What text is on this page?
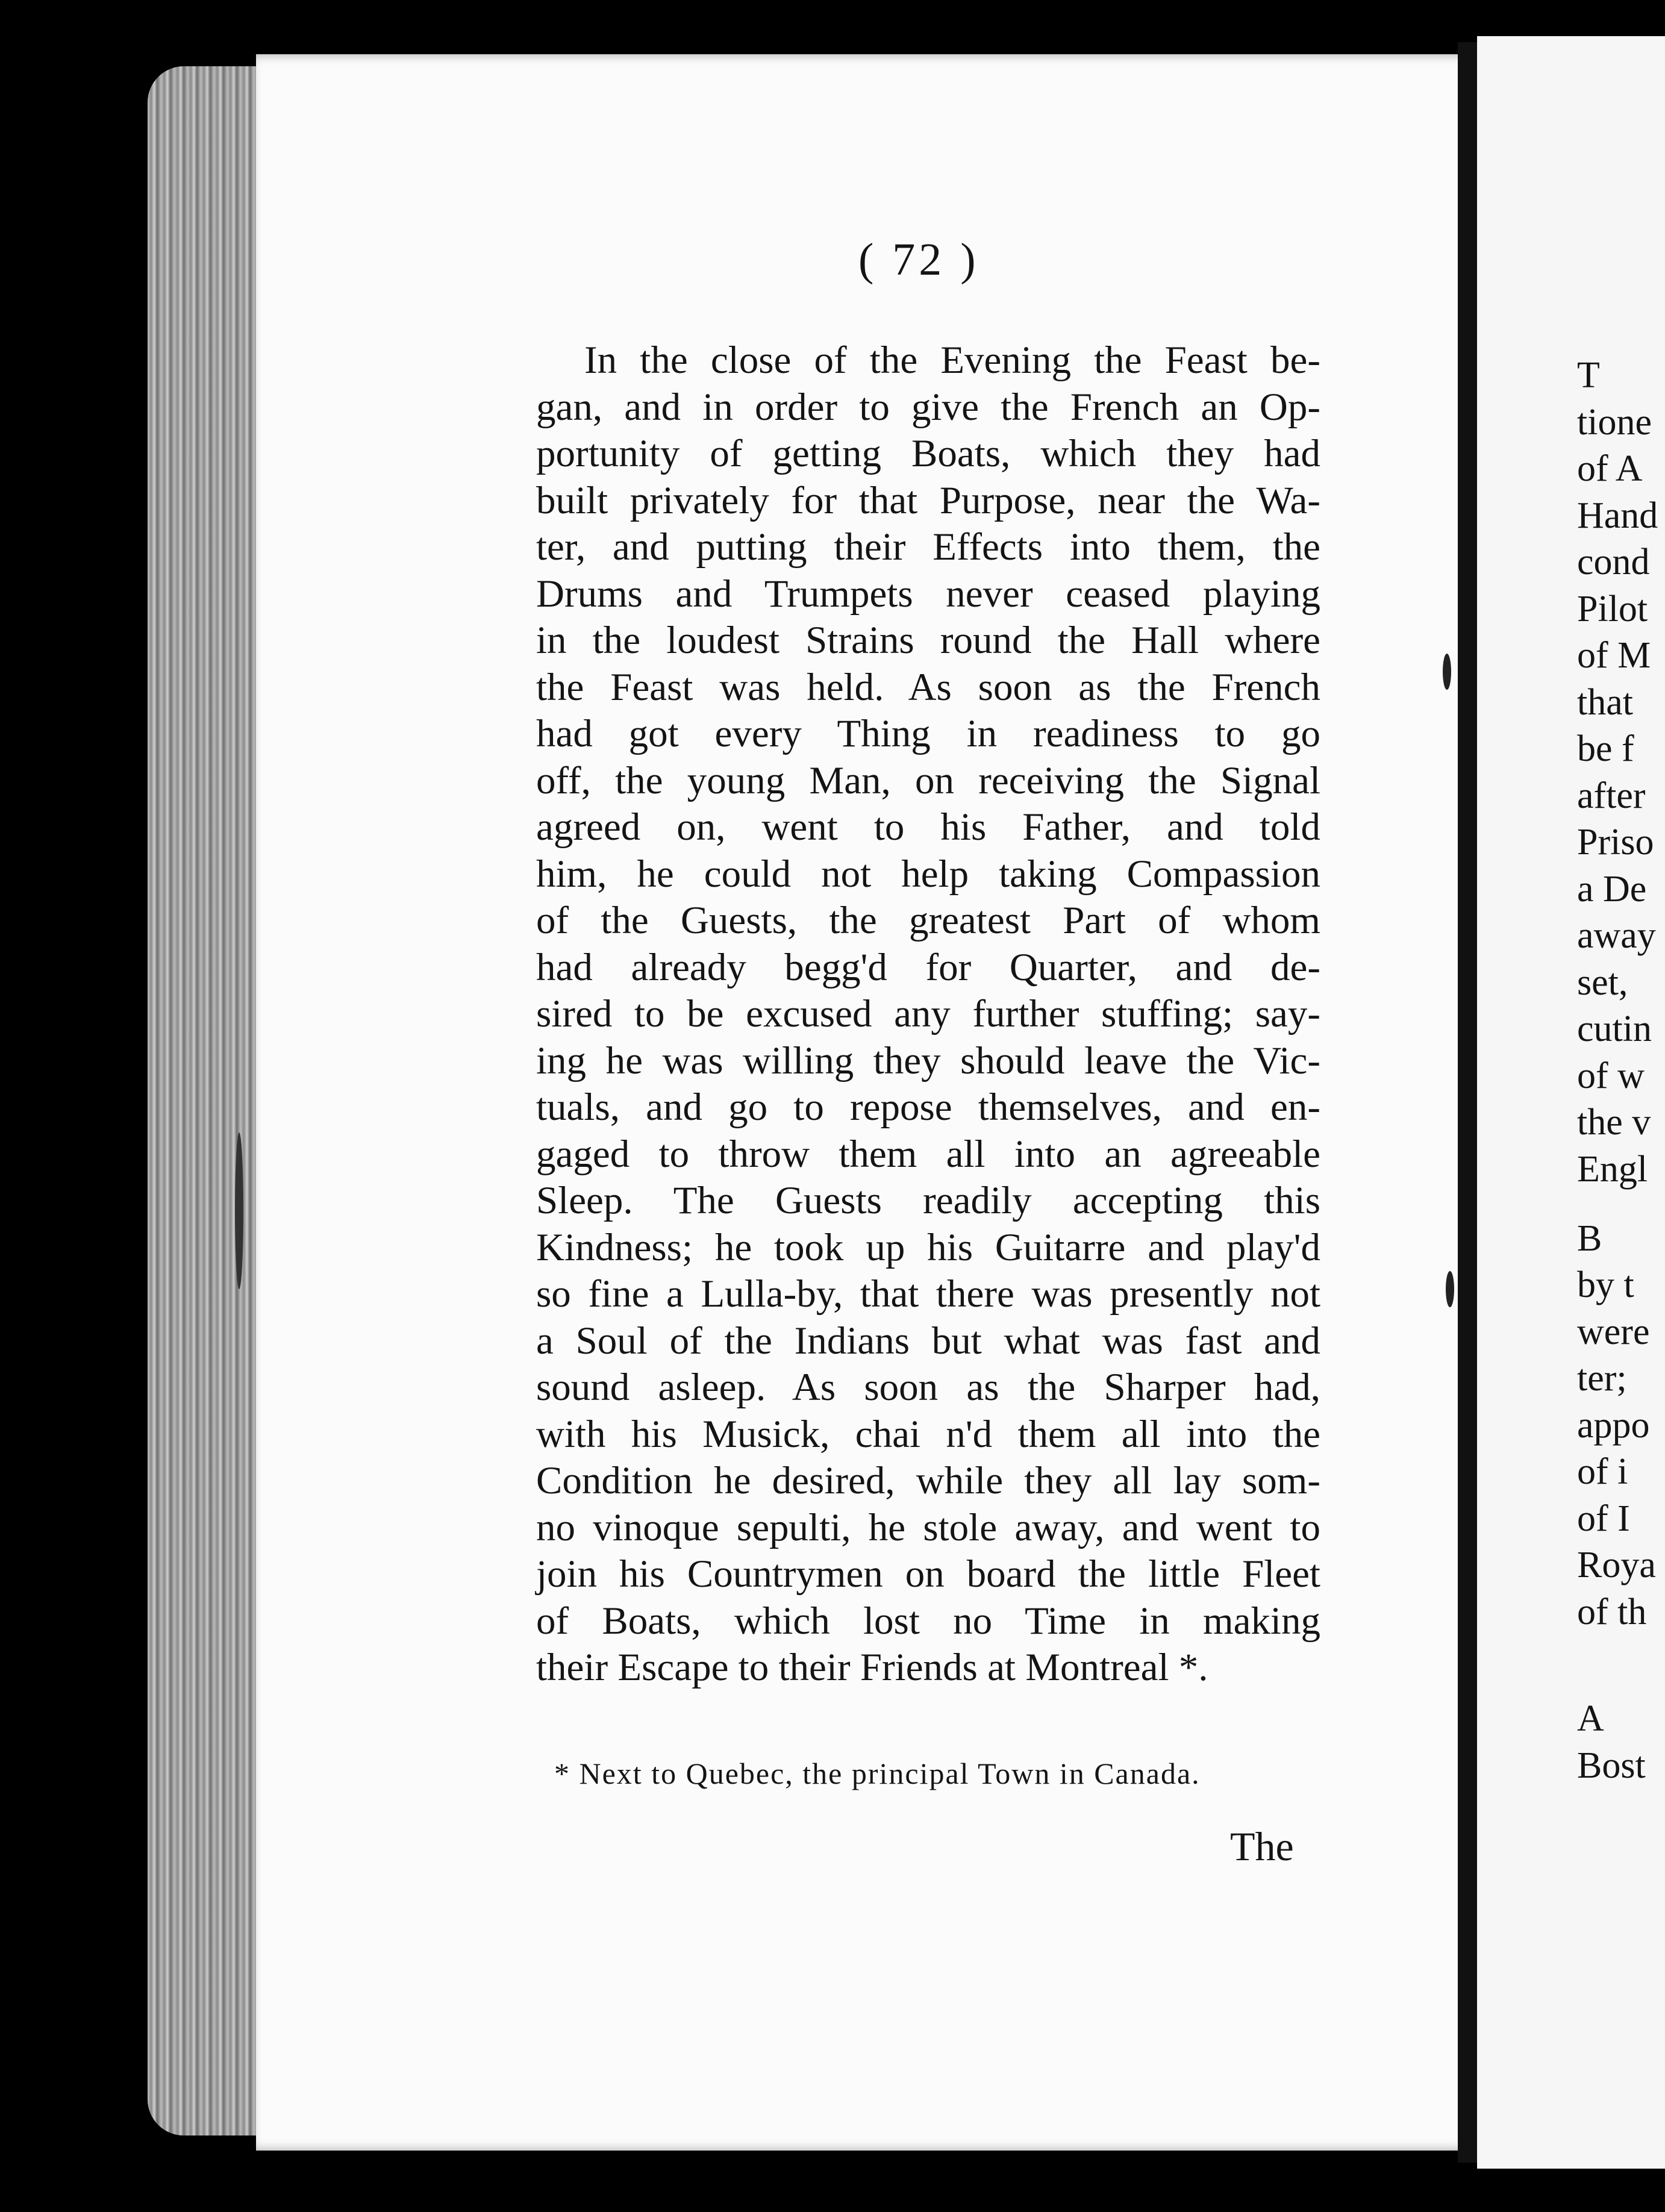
( 72 )

In the close of the Evening the Feast be-
gan, and in order to give the French an Op-
portunity of getting Boats, which they had
built privately for that Purpose, near the Wa-
ter, and putting their Effects into them, the
Drums and Trumpets never ceased playing
in the loudest Strains round the Hall where
the Feast was held. As soon as the French
had got every Thing in readiness to go
off, the young Man, on receiving the Signal
agreed on, went to his Father, and told
him, he could not help taking Compassion
of the Guests, the greatest Part of whom
had already begg'd for Quarter, and de-
sired to be excused any further stuffing; say-
ing he was willing they should leave the Vic-
tuals, and go to repose themselves, and en-
gaged to throw them all into an agreeable
Sleep. The Guests readily accepting this
Kindness; he took up his Guitarre and play'd
so fine a Lulla-by, that there was presently not
a Soul of the Indians but what was fast and
sound asleep. As soon as the Sharper had,
with his Musick, chai n'd them all into the
Condition he desired, while they all lay som-
no vinoque sepulti, he stole away, and went to
join his Countrymen on board the little Fleet
of Boats, which lost no Time in making
their Escape to their Friends at Montreal *.

* Next to Quebec, the principal Town in Canada.

The

T
tione
of A
Hand
cond
Pilot
of M
that
be f
after
Priso
a De
away
set,
cutin
of w
the v
Engl
B
by t
were
ter;
appo
of i
of I
Roya
of th
A
Bost
